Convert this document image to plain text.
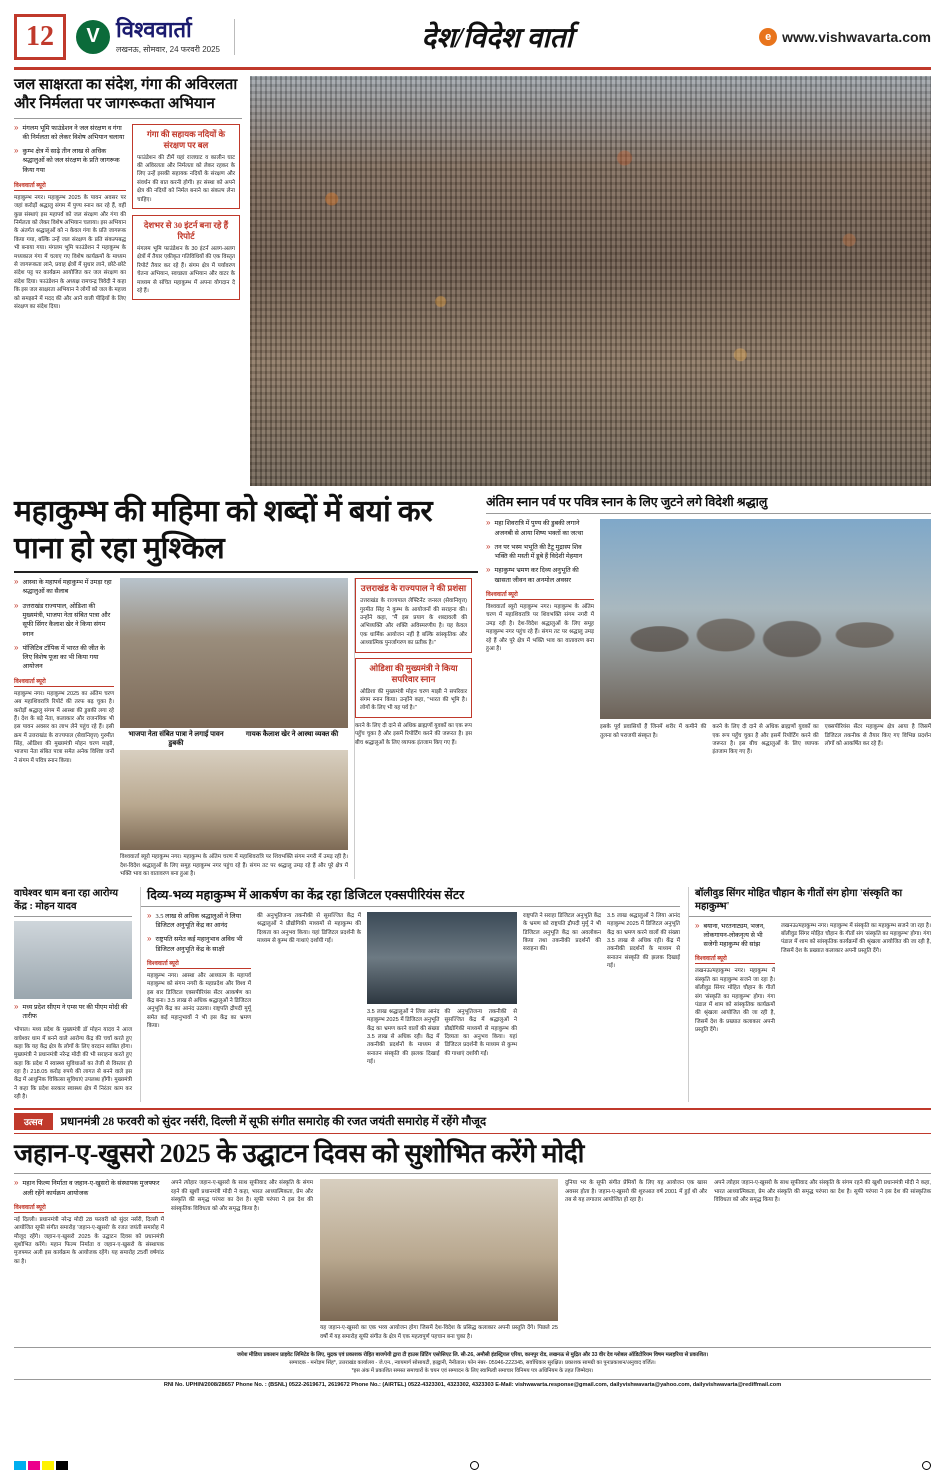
12	V विश्ववार्ता
लखनऊ, सोमवार, 24 फरवरी 2025	देश/विदेश वार्ता	e www.vishwavarta.com
जल साक्षरता का संदेश, गंगा की अविरलता और निर्मलता पर जागरूकता अभियान
» मंगलम भूमि फाउंडेशन ने जल संरक्षण व गंगा की निर्मलता को लेकर विशेष अभियान चलाया
» कुम्भ क्षेत्र में साढ़े तीन लाख से अधिक श्रद्धालुओं को जल संरक्षण के प्रति जागरूक किया गया
विश्ववार्ता ब्यूरो
महाकुम्भ नगर। महाकुम्भ 2025 के पावन अवसर पर जहां करोड़ों श्रद्धालु संगम में पुण्य स्नान कर रहे हैं, वहीं कुछ संस्थाएं इस महापर्व को जल संरक्षण और गंगा की निर्मलता को लेकर विशेष अभियान चलाया। इस अभियान के अंतर्गत श्रद्धालुओं को न केवल गंगा के प्रति जागरूक किया गया, बल्कि उन्हें जल संरक्षण के प्रति संकल्पबद्ध भी बनाया गया। मंगलम भूमि फाउंडेशन ने महाकुम्भ के मध्यकाल गंगा में चलाए गए विशेष कार्यक्रमों के माध्यम से जागरूकता लाने, प्रवाह क्षेत्रों में सुधार लाने, छोटे-छोटे संदेश पट्ट पर कार्यक्रम आयोजित कर जल संरक्षण का संदेश दिया। फाउंडेशन के अध्यक्ष रामचन्द्र त्रिवेदी ने कहा कि इस जल साक्षरता अभियान ने लोगों को जल के महत्त्व को समझाने में मदद की और आने वाली पीढ़ियों के लिए संरक्षण का संदेश दिया।
गंगा की सहायक नदियों के संरक्षण पर बल
फाउंडेशन की टीमें यहां राजघाट व कालीन घाट की अविरलता और निर्मलता को लेकर रहकर के लिए उन्हें इसकी सहायक नदियों के संरक्षण और संवर्धन की बात करनी होगी। हर संस्था को अपने क्षेत्र की नदियों को निर्मल बनाने का संकल्प लेना चाहिए।
देशभर से 30 इंटर्न बना रहे हैं रिपोर्ट
मंगलम भूमि फाउंडेशन के 30 इंटर्न अलग-अलग क्षेत्रों में तैयार एकीकृत गतिविधियों की एक विस्तृत रिपोर्ट तैयार कर रहे हैं। संगम क्षेत्र में पर्यावरण चेतना अभियान, स्वच्छता अभियान और वाटर के माध्यम से संचित महाकुम्भ में अपना योगदान दे रहे हैं।
महाकुम्भ की महिमा को शब्दों में बयां कर पाना हो रहा मुश्किल
» आस्था के महापर्व महाकुम्भ में उमड़ा रहा श्रद्धालुओं का सैलाब
» उत्तराखंड राज्यपाल, ओडिशा की मुख्यमंत्री, भाजपा नेता संबित पात्रा और सूफी सिंगर कैलाश खेर ने किया संगम स्नान
» पॉजिटिव टॉपिक में भारत की जीत के लिए विशेष पूजा का भी किया गया आयोजन
विश्ववार्ता ब्यूरो
महाकुम्भ नगर। महाकुम्भ 2025 का अंतिम चरण अब महाशिवरात्रि रिपोर्ट की तरफ बढ़ चुका है। करोड़ों श्रद्धालु संगम में आस्था की डुबकी लगा रहे हैं। देश के बड़े नेता, कलाकार और राजनयिक भी इस पावन अवसर का लाभ लेने पहुंच रहे हैं। इसी क्रम में उत्तराखंड के राज्यपाल (सेवानिवृत्त) गुरमीत सिंह, ओडिशा की मुख्यमंत्री मोहन चरण माझी, भाजपा नेता संबित पात्रा समेत अनेक विशिष्ट जनों ने संगम में पवित्र स्नान किया।
भाजपा नेता संबित पात्रा ने लगाई पावन डुबकी
गायक कैलाश खेर ने आस्था व्यक्त की
विश्ववार्ता ब्यूरो महाकुम्भ नगर। महाकुम्भ के अंतिम चरण में महाशिवरात्रि पर शिवभक्ति संगम नगरी में उमड़ रही है। देश-विदेश श्रद्धालुओं के लिए समूह महाकुम्भ नगर पहुंच रहे हैं। संगम तट पर श्रद्धालु उमड़ रहे हैं और पूरे क्षेत्र में भक्ति भाव का वातावरण बना हुआ है।
उत्तराखंड के राज्यपाल ने की प्रशंसा
उत्तराखंड के राज्यपाल लेफ्टिनेंट जनरल (सेवानिवृत्त) गुरमीत सिंह ने कुम्भ के आयोजनों की सराहना की। उन्होंने कहा, "मैं इस प्रयाग के शब्दावली की अभिव्यक्ति और शक्ति अविस्मरणीय है। यह केवल एक धार्मिक आयोजन नहीं है बल्कि सांस्कृतिक और आध्यात्मिक पुनर्जागरण का प्रतीक है।"
ओडिशा की मुख्यमंत्री ने किया सपरिवार स्नान
ओडिशा की मुख्यमंत्री मोहन चरण माझी ने सपरिवार संगम स्नान किया। उन्होंने कहा, "भारत की भूमि है। लोगों के लिए भी यह पर्व है।"
करने के लिए दी दाने से अधिक ब्राह्मणों युवकों का एक रूप पहुँच चुका है और इसमें रिपोर्टिंग करने की जरूरत है। इस बीच श्रद्धालुओं के लिए व्यापक इंतजाम किए गए हैं।
अंतिम स्नान पर्व पर पवित्र स्नान के लिए जुटने लगे विदेशी श्रद्धालु
» महा शिवरात्रि में पुण्य की डुबकी लगाने अजनबी से आया शिष्य भक्तों का जत्था
» तन पर भस्म भभूति की टैटू मुद्रास्प शिव भक्ति की मस्ती में डूबे हैं विदेशी मेहमान
» महाकुम्भ भ्रमण कर दिव्य अनुभूति की खासता जीवन का अनमोल अवसर
विश्ववार्ता ब्यूरो
विश्ववार्ता ब्यूरो महाकुम्भ नगर। महाकुम्भ के अंतिम चरण में महाशिवरात्रि पर शिवभक्ति संगम नगरी में उमड़ रही है। देश-विदेश श्रद्धालुओं के लिए समूह महाकुम्भ नगर पहुंच रहे हैं। संगम तट पर श्रद्धालु उमड़ रहे हैं और पूरे क्षेत्र में भक्ति भाव का वातावरण बना हुआ है।
इसके पूर्व प्रवासियों हैं जिनमें शरीर में कमीने की तुलना को पराजयी संस्कृत है।
करने के लिए दी दाने से अधिक ब्राह्मणों युवकों का एक रूप पहुँच चुका है और इसमें रिपोर्टिंग करने की जरूरत है। इस बीच श्रद्धालुओं के लिए व्यापक इंतजाम किए गए हैं।
एक्सपीरियंस सेंटर महाकुम्भ क्षेत्र आया है जिसमें डिजिटल तकनीक से तैयार किए गए विभिन्न प्रदर्शन लोगों को आकर्षित कर रहे हैं।
वाघेश्वर धाम बना रहा आरोग्य केंद्र : मोहन यादव
» मध्य प्रदेश सीएम ने एम्स पर की पीएम मोदी की तारीफ
भोपाल। मध्य प्रदेश के मुख्यमंत्री डॉ मोहन यादव ने आज वाघेश्वर धाम में बनने वाले आरोग्य केंद्र की चर्चा करते हुए कहा कि यह केंद्र क्षेत्र के लोगों के लिए वरदान साबित होगा। मुख्यमंत्री ने प्रधानमंत्री नरेन्द्र मोदी की भी सराहना करते हुए कहा कि प्रदेश में स्वास्थ्य सुविधाओं का तेजी से विस्तार हो रहा है। 218.05 करोड़ रुपये की लागत से बनने वाले इस केंद्र में आधुनिक चिकित्सा सुविधाएं उपलब्ध होंगी। मुख्यमंत्री ने कहा कि प्रदेश सरकार स्वास्थ्य क्षेत्र में निरंतर काम कर रही है।
दिव्य-भव्य महाकुम्भ में आकर्षण का केंद्र रहा डिजिटल एक्सपीरियंस सेंटर
» 3.5 लाख से अधिक श्रद्धालुओं ने लिया डिजिटल अनुभूति केंद्र का आनंद
» राष्ट्रपति समेत कई महानुभाव अविध भी डिजिटल अनुभूति केंद्र के साक्षी
विश्ववार्ता ब्यूरो
महाकुम्भ नगर। आस्था और आध्यात्म के महापर्व महाकुम्भ को संगम नगरी के महाप्रदेश और विश्व में इस बार डिजिटल एक्सपीरियंस सेंटर आकर्षण का केंद्र बना। 3.5 लाख से अधिक श्रद्धालुओं ने डिजिटल अनुभूति केंद्र का आनंद उठाया। राष्ट्रपति द्रौपदी मुर्मू समेत कई महानुभावों ने भी इस केंद्र का भ्रमण किया।
की अनुभूतिजन्य तकनीकी से सुसज्जित केंद्र में श्रद्धालुओं ने प्रौद्योगिकी माध्यमों से महाकुम्भ की दिव्यता का अनुभव किया। यहां डिजिटल प्रदर्शनी के माध्यम से कुम्भ की गाथाएं दर्शायी गईं।
3.5 लाख श्रद्धालुओं ने लिया आनंद महाकुम्भ 2025 में डिजिटल अनुभूति केंद्र का भ्रमण करने वालों की संख्या 3.5 लाख से अधिक रही। केंद्र में तकनीकी प्रदर्शनों के माध्यम से सनातन संस्कृति की झलक दिखाई गई।
की अनुभूतिजन्य तकनीकी से सुसज्जित केंद्र में श्रद्धालुओं ने प्रौद्योगिकी माध्यमों से महाकुम्भ की दिव्यता का अनुभव किया। यहां डिजिटल प्रदर्शनी के माध्यम से कुम्भ की गाथाएं दर्शायी गईं।
राष्ट्रपति ने सराहा डिजिटल अनुभूति केंद्र के भ्रमण को राष्ट्रपति द्रौपदी मुर्मू ने भी डिजिटल अनुभूति केंद्र का अवलोकन किया तथा तकनीकी प्रदर्शनों की सराहना की।
3.5 लाख श्रद्धालुओं ने लिया आनंद महाकुम्भ 2025 में डिजिटल अनुभूति केंद्र का भ्रमण करने वालों की संख्या 3.5 लाख से अधिक रही। केंद्र में तकनीकी प्रदर्शनों के माध्यम से सनातन संस्कृति की झलक दिखाई गई।
बॉलीवुड सिंगर मोहित चौहान के गीतों संग होगा 'संस्कृति का महाकुम्भ'
» बयाना, भरतनाट्यम, भजन, लोकगायन-लोकनृत्य से भी सजेगी महाकुम्भ की सांझ
विश्ववार्ता ब्यूरो
लखनऊ/महाकुम्भ नगर। महाकुम्भ में संस्कृति का महाकुम्भ सजने जा रहा है। बॉलीवुड सिंगर मोहित चौहान के गीतों संग 'संस्कृति का महाकुम्भ' होगा। गंगा पंडाल में शाम को सांस्कृतिक कार्यक्रमों की श्रृंखला आयोजित की जा रही है, जिसमें देश के प्रख्यात कलाकार अपनी प्रस्तुति देंगे।
लखनऊ/महाकुम्भ नगर। महाकुम्भ में संस्कृति का महाकुम्भ सजने जा रहा है। बॉलीवुड सिंगर मोहित चौहान के गीतों संग 'संस्कृति का महाकुम्भ' होगा। गंगा पंडाल में शाम को सांस्कृतिक कार्यक्रमों की श्रृंखला आयोजित की जा रही है, जिसमें देश के प्रख्यात कलाकार अपनी प्रस्तुति देंगे।
उत्सव	प्रधानमंत्री 28 फरवरी को सुंदर नर्सरी, दिल्ली में सूफी संगीत समारोह की रजत जयंती समारोह में रहेंगे मौजूद
जहान-ए-खुसरो 2025 के उद्घाटन दिवस को सुशोभित करेंगे मोदी
» महान फिल्म निर्माता व जहान-ए-खुसरो के संस्थापक मुजफ्फर अली रहेंगे कार्यक्रम आयोजक
विश्ववार्ता ब्यूरो
नई दिल्ली। प्रधानमंत्री नरेन्द्र मोदी 28 फरवरी को सुंदर नर्सरी, दिल्ली में आयोजित सूफी संगीत समारोह 'जहान-ए-खुसरो' के रजत जयंती समारोह में मौजूद रहेंगे। जहान-ए-खुसरो 2025 के उद्घाटन दिवस को प्रधानमंत्री सुशोभित करेंगे। महान फिल्म निर्माता व जहान-ए-खुसरो के संस्थापक मुजफ्फर अली इस कार्यक्रम के आयोजक रहेंगे। यह समारोह 25वीं वर्षगांठ का है।
अपने त्योहार जहान-ए-खुसरो के साथ सूफीवाद और संस्कृति के संगम रहने की खुशी प्रधानमंत्री मोदी ने कहा, भारत आध्यात्मिकता, प्रेम और संस्कृति की समृद्ध परंपरा का देश है। सूफी परंपरा ने इस देश की सांस्कृतिक विविधता को और समृद्ध किया है।
यह जहान-ए-खुसरो का एक भव्य आयोजन होगा जिसमें देश-विदेश के प्रसिद्ध कलाकार अपनी प्रस्तुति देंगे। पिछले 25 वर्षों में यह समारोह सूफी संगीत के क्षेत्र में एक महत्वपूर्ण पहचान बना चुका है।
दुनिया भर के सूफी संगीत प्रेमियों के लिए यह आयोजन एक खास अवसर होता है। जहान-ए-खुसरो की शुरुआत वर्ष 2001 में हुई थी और तब से यह लगातार आयोजित हो रहा है।
अपने त्योहार जहान-ए-खुसरो के साथ सूफीवाद और संस्कृति के संगम रहने की खुशी प्रधानमंत्री मोदी ने कहा, भारत आध्यात्मिकता, प्रेम और संस्कृति की समृद्ध परंपरा का देश है। सूफी परंपरा ने इस देश की सांस्कृतिक विविधता को और समृद्ध किया है।

जयेश मीडिया प्रकाशन प्राइवेट लिमिटेड के लिए, मुद्रक एवं प्रकाशक रोहित बाजपेयी द्वारा टी हाउस प्रिंटिंग एसोसिएट लि. सी-26, अमौसी इंडस्ट्रियल एरिया, कानपुर रोड, लखनऊ से मुद्रित और 33 वीर देव ग्लोबल ऑडिटोरियम विषम मलहरिया से प्रकाशित।

सम्पादक - मनोज्ञम सिंह*, उत्तराखंड कार्यालय - जे.एन., न्यायमार्ग सोसायटी, हल्द्वानी, नैनीताल। फोन नंबर- 05946-222345, सर्वाधिकार सुरक्षित। प्रकाशक सामग्री का पुनःप्रकाशन/अनुवाद वर्जित।

*इस अंक में प्रकाशित समस्त समाचारों के चयन एवं सम्पादन के लिए स्वामित्वी समाचार विनिमय पत्र अधिनियम के तहत जिम्मेदार।

RNI No. UPHIN/2008/28657 Phone No. : (BSNL) 0522-2619671, 2619672 Phone No.: (AIRTEL) 0522-4323301, 4323302, 4323303 E-Mail: vishwavarta.response@gmail.com, dailyvishwavarta@yahoo.com, dailyvishwavarta@rediffmail.com
